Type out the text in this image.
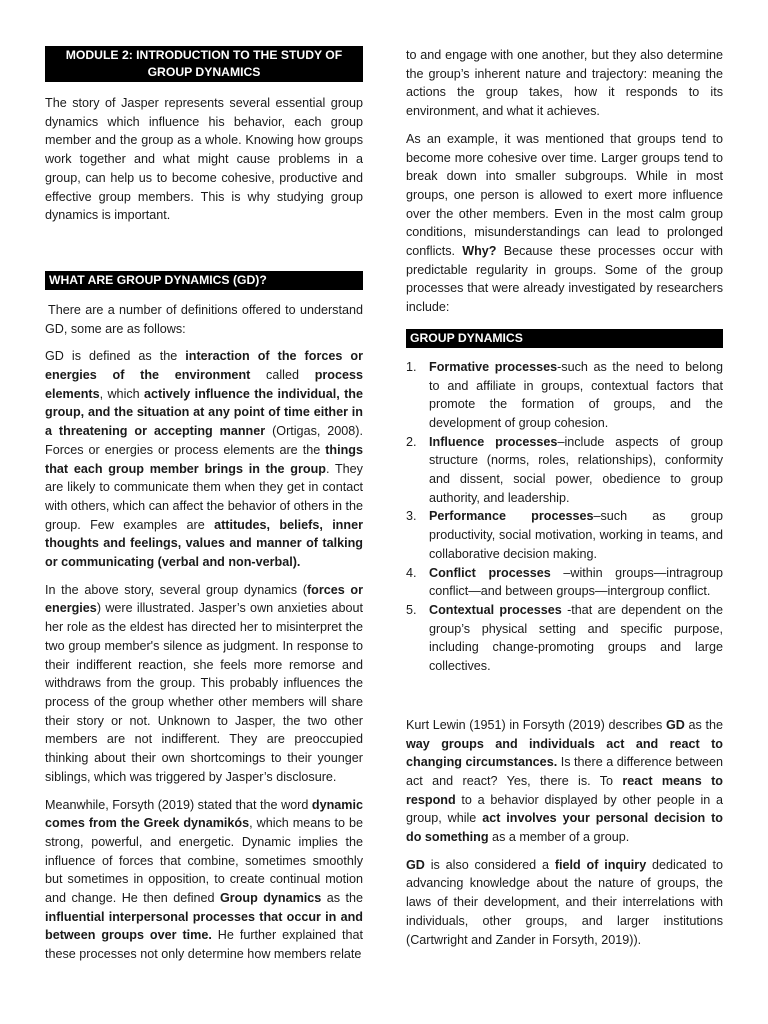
MODULE 2: INTRODUCTION TO THE STUDY OF GROUP DYNAMICS

The story of Jasper represents several essential group dynamics which influence his behavior, each group member and the group as a whole. Knowing how groups work together and what might cause problems in a group, can help us to become cohesive, productive and effective group members. This is why studying group dynamics is important.

WHAT ARE GROUP DYNAMICS (GD)?

There are a number of definitions offered to understand GD, some are as follows:

GD is defined as the interaction of the forces or energies of the environment called process elements, which actively influence the individual, the group, and the situation at any point of time either in a threatening or accepting manner (Ortigas, 2008). Forces or energies or process elements are the things that each group member brings in the group. They are likely to communicate them when they get in contact with others, which can affect the behavior of others in the group. Few examples are attitudes, beliefs, inner thoughts and feelings, values and manner of talking or communicating (verbal and non-verbal).

In the above story, several group dynamics (forces or energies) were illustrated. Jasper’s own anxieties about her role as the eldest has directed her to misinterpret the two group member's silence as judgment. In response to their indifferent reaction, she feels more remorse and withdraws from the group. This probably influences the process of the group whether other members will share their story or not. Unknown to Jasper, the two other members are not indifferent. They are preoccupied thinking about their own shortcomings to their younger siblings, which was triggered by Jasper’s disclosure.

Meanwhile, Forsyth (2019) stated that the word dynamic comes from the Greek dynamikós, which means to be strong, powerful, and energetic. Dynamic implies the influence of forces that combine, sometimes smoothly but sometimes in opposition, to create continual motion and change. He then defined Group dynamics as the influential interpersonal processes that occur in and between groups over time. He further explained that these processes not only determine how members relate

to and engage with one another, but they also determine the group’s inherent nature and trajectory: meaning the actions the group takes, how it responds to its environment, and what it achieves.

As an example, it was mentioned that groups tend to become more cohesive over time. Larger groups tend to break down into smaller subgroups. While in most groups, one person is allowed to exert more influence over the other members. Even in the most calm group conditions, misunderstandings can lead to prolonged conflicts. Why? Because these processes occur with predictable regularity in groups. Some of the group processes that were already investigated by researchers include:

GROUP DYNAMICS
1. Formative processes-such as the need to belong to and affiliate in groups, contextual factors that promote the formation of groups, and the development of group cohesion.
2. Influence processes–include aspects of group structure (norms, roles, relationships), conformity and dissent, social power, obedience to group authority, and leadership.
3. Performance processes–such as group productivity, social motivation, working in teams, and collaborative decision making.
4. Conflict processes –within groups—intragroup conflict—and between groups—intergroup conflict.
5. Contextual processes -that are dependent on the group’s physical setting and specific purpose, including change-promoting groups and large collectives.

Kurt Lewin (1951) in Forsyth (2019) describes GD as the way groups and individuals act and react to changing circumstances. Is there a difference between act and react? Yes, there is. To react means to respond to a behavior displayed by other people in a group, while act involves your personal decision to do something as a member of a group.

GD is also considered a field of inquiry dedicated to advancing knowledge about the nature of groups, the laws of their development, and their interrelations with individuals, other groups, and larger institutions (Cartwright and Zander in Forsyth, 2019)).
